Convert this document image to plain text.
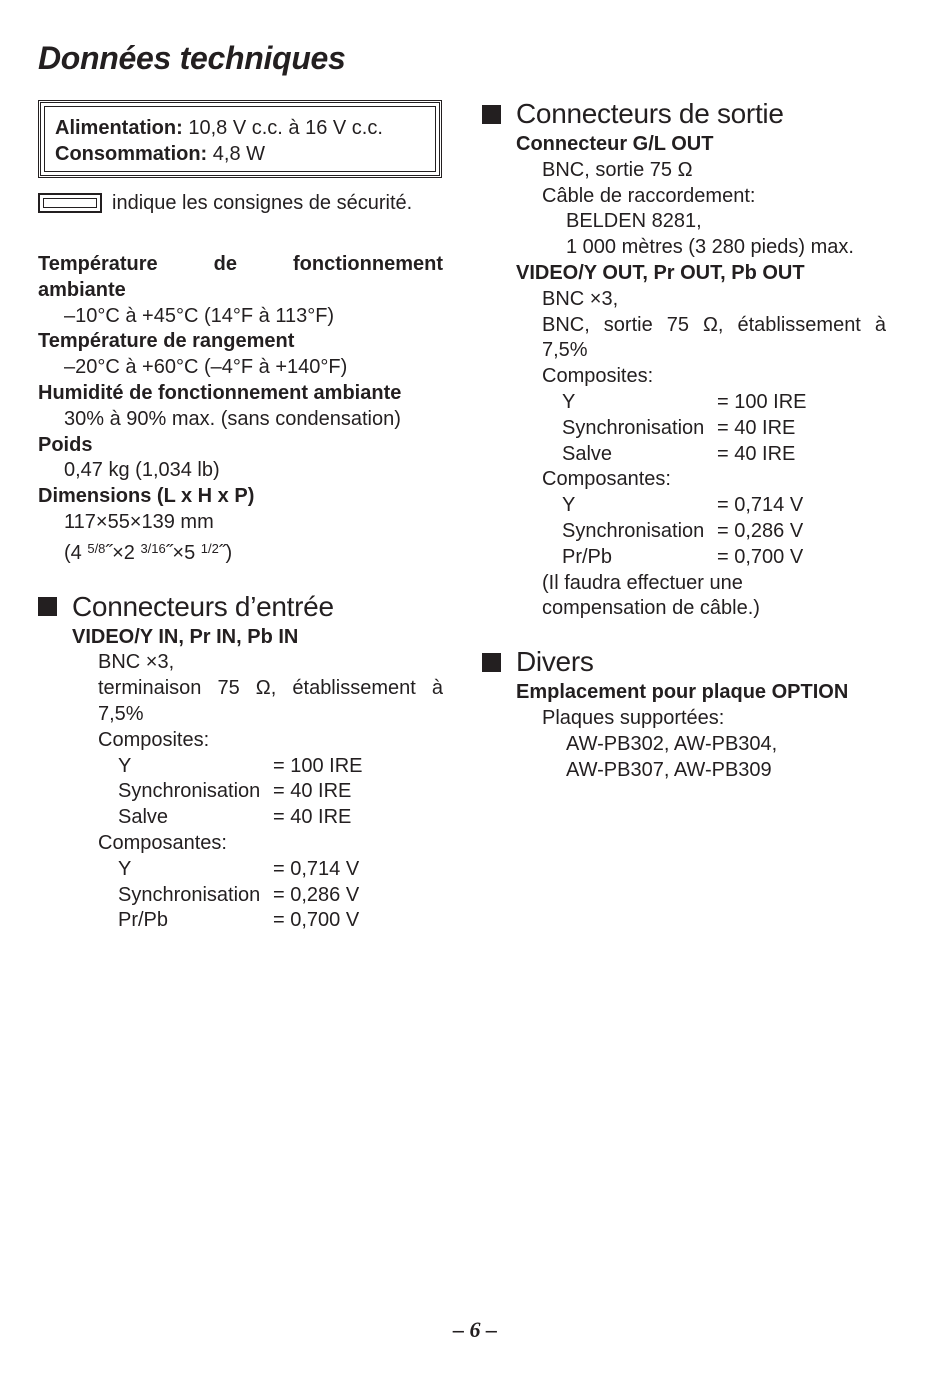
Données techniques
Alimentation: 10,8 V c.c. à 16 V c.c.
Consommation: 4,8 W
indique les consignes de sécurité.
Température de fonctionnement
ambiante
–10°C à +45°C (14°F à 113°F)
Température de rangement
–20°C à +60°C (–4°F à +140°F)
Humidité de fonctionnement ambiante
30% à 90% max. (sans condensation)
Poids
0,47 kg (1,034 lb)
Dimensions (L x H x P)
117×55×139 mm
(4 $^{5/8}$˝×2 $^{3/16}$˝×5 $^{1/2}$˝)
Connecteurs d’entrée
VIDEO/Y IN, Pr IN, Pb IN
BNC ×3,
terminaison 75 Ω, établissement à
7,5%
Composites:
Y	= 100 IRE
Synchronisation = 40 IRE
Salve	= 40 IRE
Composantes:
Y	= 0,714 V
Synchronisation = 0,286 V
Pr/Pb	= 0,700 V
Connecteurs de sortie
Connecteur G/L OUT
BNC, sortie 75 Ω
Câble de raccordement:
BELDEN 8281,
1 000 mètres (3 280 pieds) max.
VIDEO/Y OUT, Pr OUT, Pb OUT
BNC ×3,
BNC, sortie 75 Ω, établissement à
7,5%
Composites:
Y	= 100 IRE
Synchronisation = 40 IRE
Salve	= 40 IRE
Composantes:
Y	= 0,714 V
Synchronisation = 0,286 V
Pr/Pb	= 0,700 V
(Il faudra effectuer une
compensation de câble.)
Divers
Emplacement pour plaque OPTION
Plaques supportées:
AW-PB302, AW-PB304,
AW-PB307, AW-PB309
– 6 –
